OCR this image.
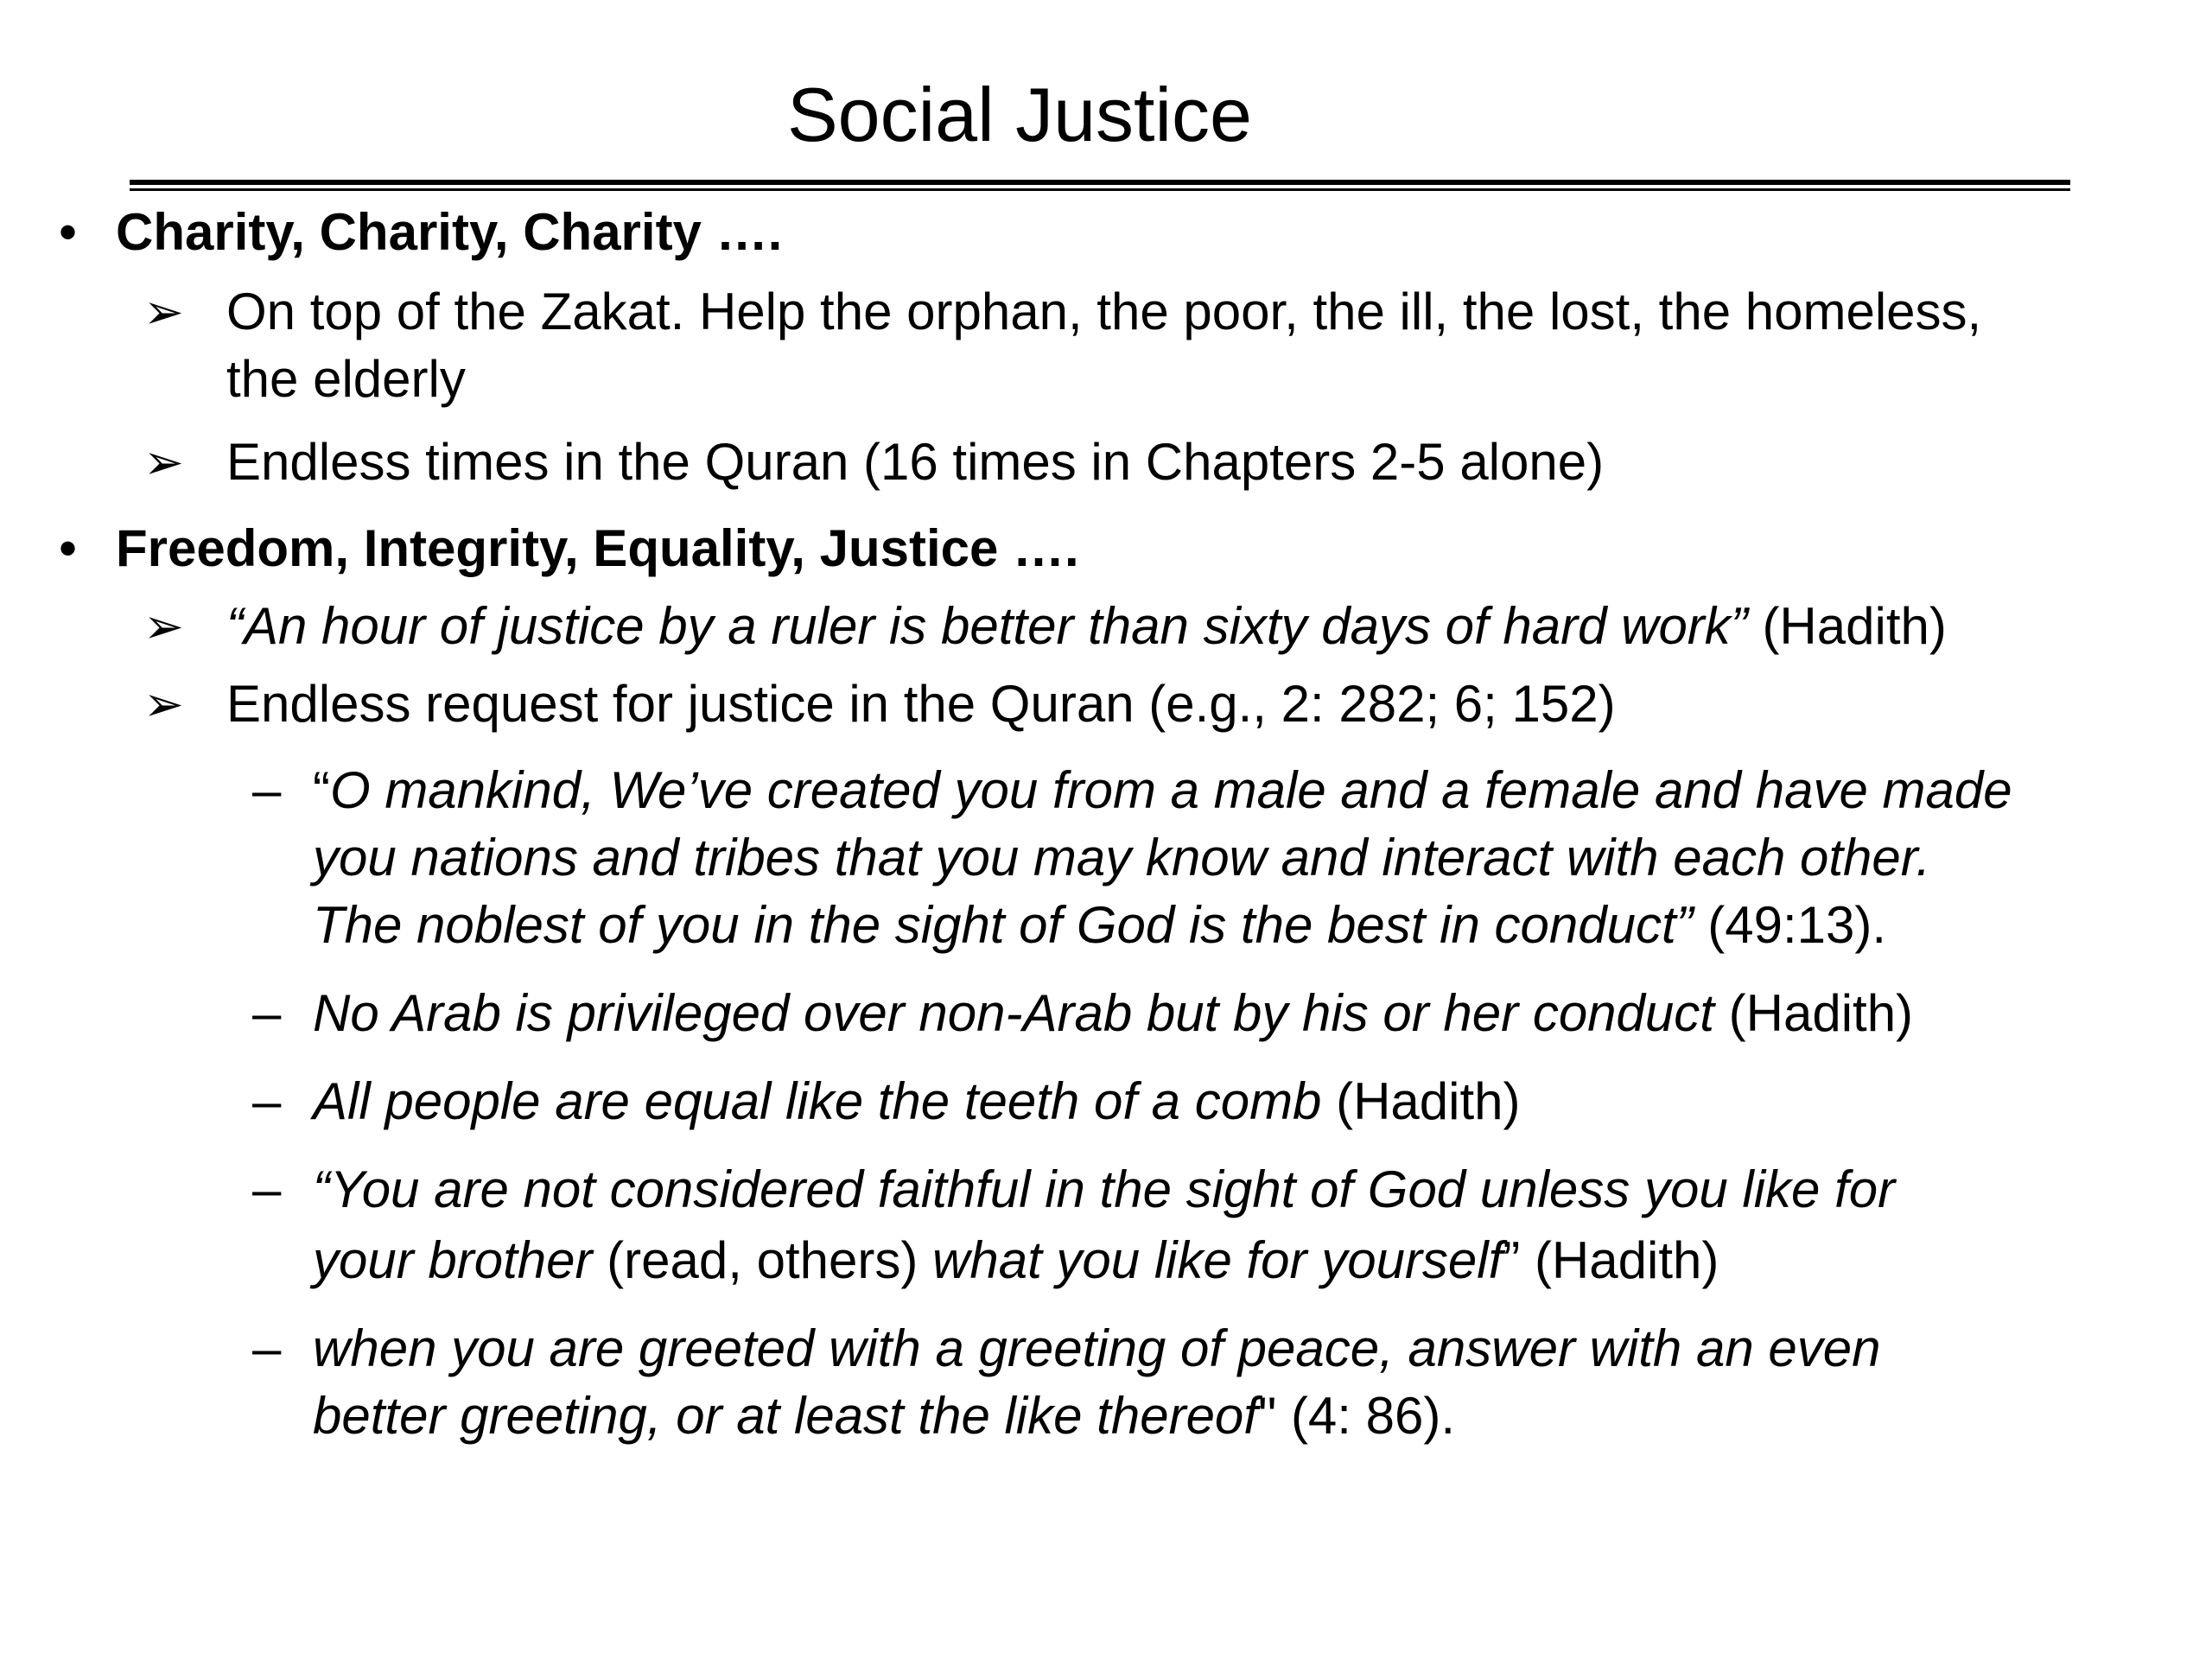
Social Justice
• Charity, Charity, Charity ….
➢ On top of the Zakat. Help the orphan, the poor, the ill, the lost, the homeless,
the elderly
➢ Endless times in the Quran (16 times in Chapters 2-5 alone)
• Freedom, Integrity, Equality, Justice ….
➢ “An hour of justice by a ruler is better than sixty days of hard work” (Hadith)
➢ Endless request for justice in the Quran (e.g., 2: 282; 6; 152)
– “O mankind, We’ve created you from a male and a female and have made
you nations and tribes that you may know and interact with each other.
The noblest of you in the sight of God is the best in conduct” (49:13).
– No Arab is privileged over non-Arab but by his or her conduct (Hadith)
– All people are equal like the teeth of a comb (Hadith)
– “You are not considered faithful in the sight of God unless you like for
your brother (read, others) what you like for yourself” (Hadith)
– when you are greeted with a greeting of peace, answer with an even
better greeting, or at least the like thereof" (4: 86).
